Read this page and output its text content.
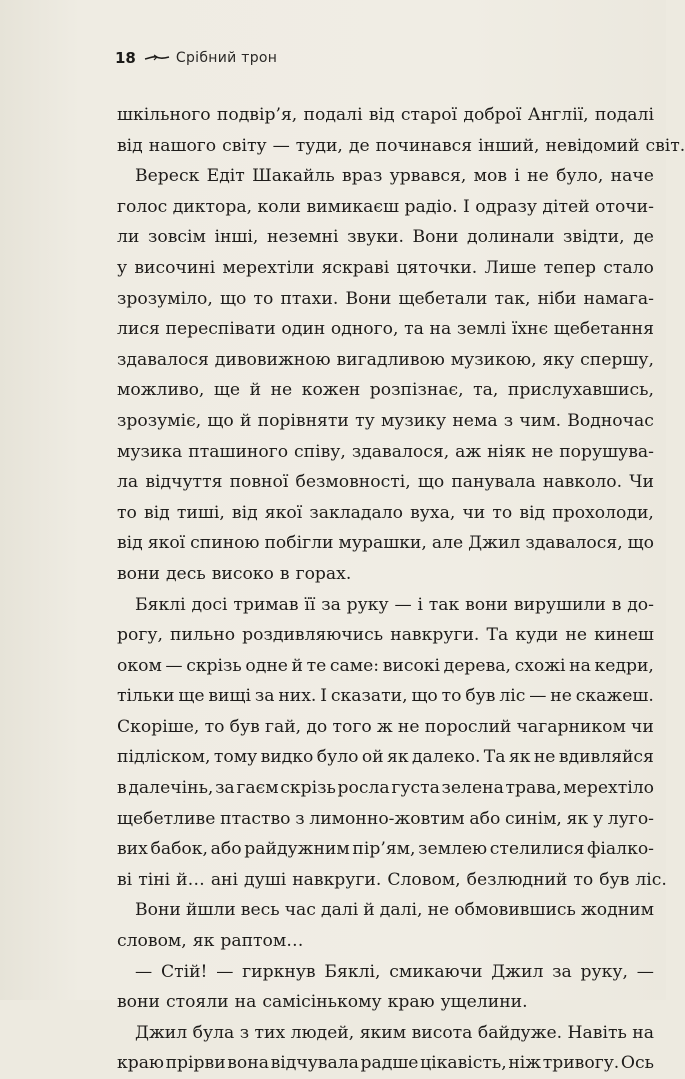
18	Срібний трон
шкільного подвір’я, подалі від старої доброї Англії, подалі
від нашого світу — туди, де починався інший, невідомий світ.
Вереск Едіт Шакайль враз урвався, мов і не було, наче
голос диктора, коли вимикаєш радіо. І одразу дітей оточи-
ли зовсім інші, неземні звуки. Вони долинали звідти, де
у височині мерехтіли яскраві цяточки. Лише тепер стало
зрозуміло, що то птахи. Вони щебетали так, ніби намага-
лися переспівати один одного, та на землі їхнє щебетання
здавалося дивовижною вигадливою музикою, яку спершу,
можливо, ще й не кожен розпізнає, та, прислухавшись,
зрозуміє, що й порівняти ту музику нема з чим. Водночас
музика пташиного співу, здавалося, аж ніяк не порушува-
ла відчуття повної безмовності, що панувала навколо. Чи
то від тиші, від якої закладало вуха, чи то від прохолоди,
від якої спиною побігли мурашки, але Джил здавалося, що
вони десь високо в горах.
Бяклі досі тримав її за руку — і так вони вирушили в до-
рогу, пильно роздивляючись навкруги. Та куди не кинеш
оком — скрізь одне й те саме: високі дерева, схожі на кедри,
тільки ще вищі за них. І сказати, що то був ліс — не скажеш.
Скоріше, то був гай, до того ж не порослий чагарником чи
підліском, тому видко було ой як далеко. Та як не вдивляйся
в далечінь, за гаєм скрізь росла густа зелена трава, мерехтіло
щебетливе птаство з лимонно-жовтим або синім, як у лугo-
вих бабок, або райдужним пір’ям, землею стелилися фіалко-
ві тіні й… ані душі навкруги. Словом, безлюдний то був ліс.
Вони йшли весь час далі й далі, не обмовившись жодним
словом, як раптом…
— Стій! — гиркнув Бяклі, смикаючи Джил за руку, —
вони стояли на самісінькому краю ущелини.
Джил була з тих людей, яким висота байдуже. Навіть на
краю прірви вона відчувала радше цікавість, ніж тривогу. Ось
